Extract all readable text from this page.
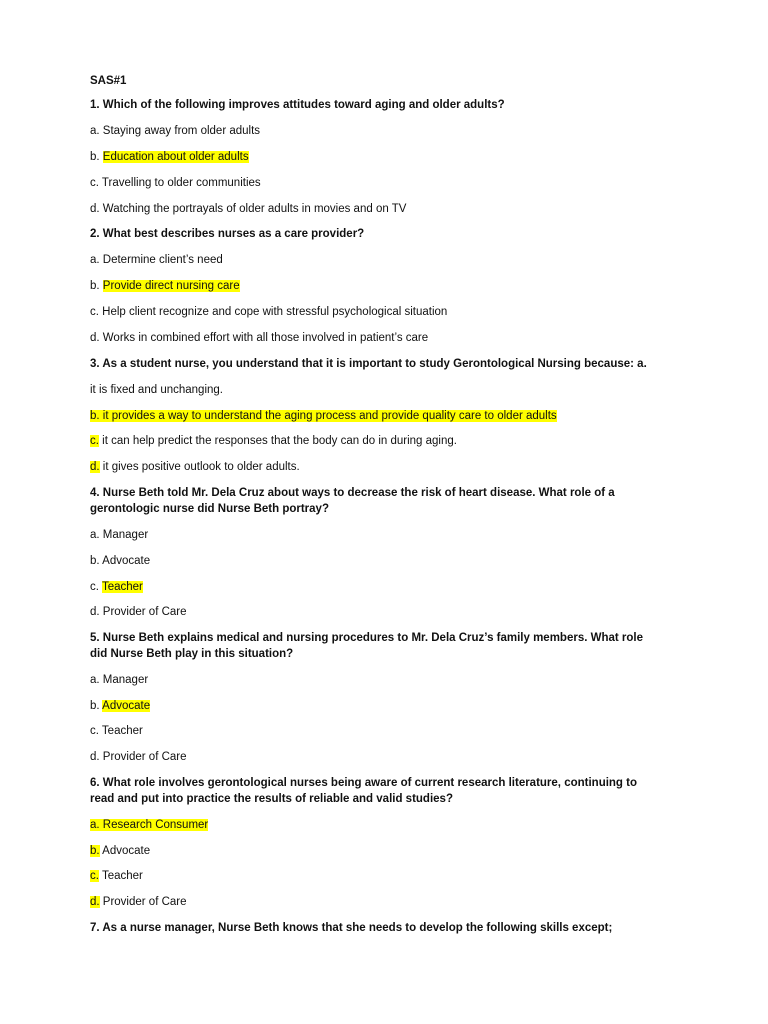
SAS#1
1. Which of the following improves attitudes toward aging and older adults?
a. Staying away from older adults
b. Education about older adults
c. Travelling to older communities
d. Watching the portrayals of older adults in movies and on TV
2. What best describes nurses as a care provider?
a. Determine client’s need
b. Provide direct nursing care
c. Help client recognize and cope with stressful psychological situation
d. Works in combined effort with all those involved in patient’s care
3. As a student nurse, you understand that it is important to study Gerontological Nursing because: a.
it is fixed and unchanging.
b. it provides a way to understand the aging process and provide quality care to older adults
c. it can help predict the responses that the body can do in during aging.
d. it gives positive outlook to older adults.
4. Nurse Beth told Mr. Dela Cruz about ways to decrease the risk of heart disease. What role of a
gerontologic nurse did Nurse Beth portray?
a. Manager
b. Advocate
c. Teacher
d. Provider of Care
5. Nurse Beth explains medical and nursing procedures to Mr. Dela Cruz’s family members. What role
did Nurse Beth play in this situation?
a. Manager
b. Advocate
c. Teacher
d. Provider of Care
6. What role involves gerontological nurses being aware of current research literature, continuing to
read and put into practice the results of reliable and valid studies?
a. Research Consumer
b. Advocate
c. Teacher
d. Provider of Care
7. As a nurse manager, Nurse Beth knows that she needs to develop the following skills except;
